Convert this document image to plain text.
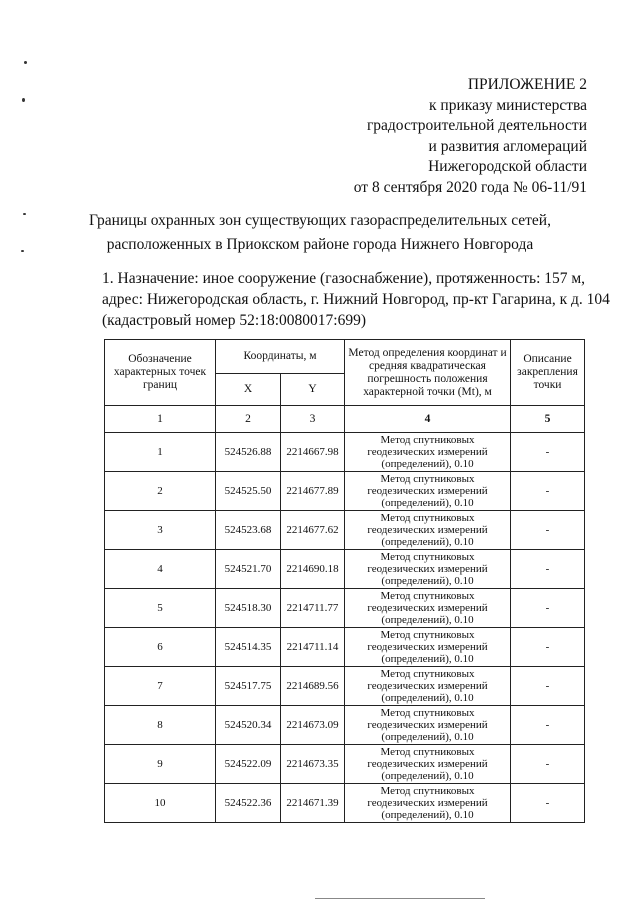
ПРИЛОЖЕНИЕ 2
к приказу министерства
градостроительной деятельности
и развития агломераций
Нижегородской области
от 8 сентября 2020 года № 06-11/91
Границы охранных зон существующих газораспределительных сетей,
расположенных в Приокском районе города Нижнего Новгорода
1. Назначение: иное сооружение (газоснабжение), протяженность: 157 м,
адрес: Нижегородская область, г. Нижний Новгород, пр-кт Гагарина, к д. 104
(кадастровый номер 52:18:0080017:699)
Обозначение характерных точек границ	Координаты, м		Метод определения координат и средняя квадратическая погрешность положения характерной точки (Mt), м	Описание закрепления точки
	X	Y		
1	2	3	4	5
1	524526.88	2214667.98	Метод спутниковых геодезических измерений (определений), 0.10	-
2	524525.50	2214677.89	Метод спутниковых геодезических измерений (определений), 0.10	-
3	524523.68	2214677.62	Метод спутниковых геодезических измерений (определений), 0.10	-
4	524521.70	2214690.18	Метод спутниковых геодезических измерений (определений), 0.10	-
5	524518.30	2214711.77	Метод спутниковых геодезических измерений (определений), 0.10	-
6	524514.35	2214711.14	Метод спутниковых геодезических измерений (определений), 0.10	-
7	524517.75	2214689.56	Метод спутниковых геодезических измерений (определений), 0.10	-
8	524520.34	2214673.09	Метод спутниковых геодезических измерений (определений), 0.10	-
9	524522.09	2214673.35	Метод спутниковых геодезических измерений (определений), 0.10	-
10	524522.36	2214671.39	Метод спутниковых геодезических измерений (определений), 0.10	-
